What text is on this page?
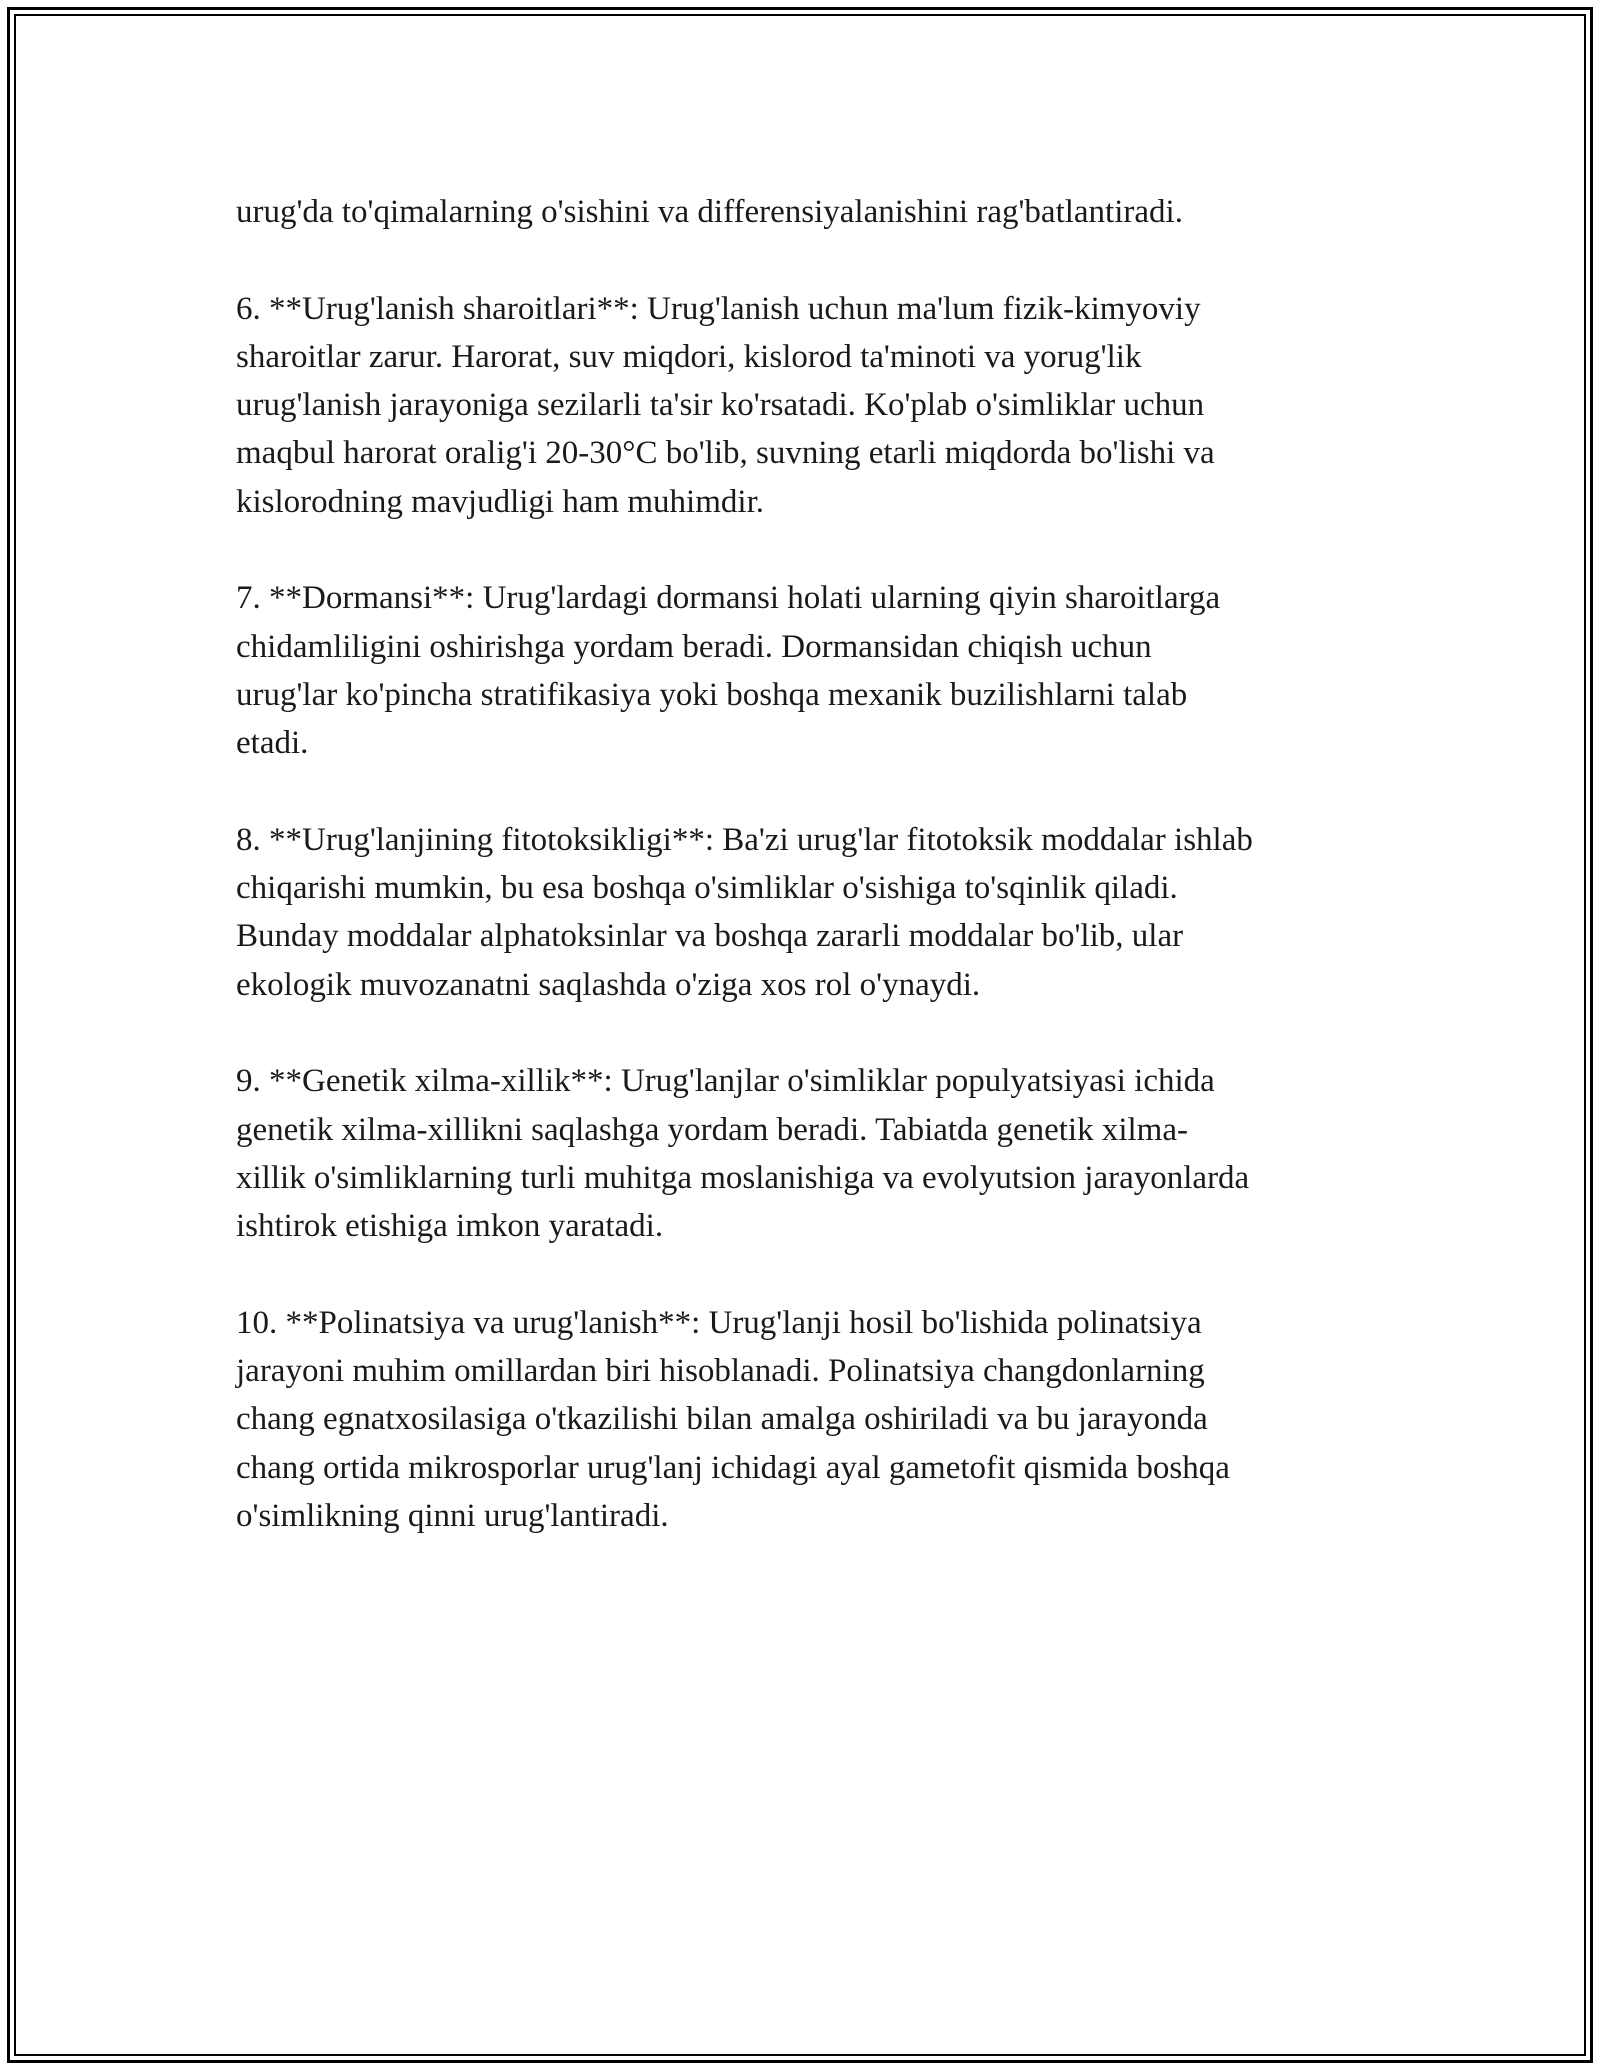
urug'da to'qimalarning o'sishini va differensiyalanishini rag'batlantiradi.

6. **Urug'lanish sharoitlari**: Urug'lanish uchun ma'lum fizik-kimyoviy
sharoitlar zarur. Harorat, suv miqdori, kislorod ta'minoti va yorug'lik
urug'lanish jarayoniga sezilarli ta'sir ko'rsatadi. Ko'plab o'simliklar uchun
maqbul harorat oralig'i 20-30°C bo'lib, suvning etarli miqdorda bo'lishi va
kislorodning mavjudligi ham muhimdir.

7. **Dormansi**: Urug'lardagi dormansi holati ularning qiyin sharoitlarga
chidamliligini oshirishga yordam beradi. Dormansidan chiqish uchun
urug'lar ko'pincha stratifikasiya yoki boshqa mexanik buzilishlarni talab
etadi.

8. **Urug'lanjining fitotoksikligi**: Ba'zi urug'lar fitotoksik moddalar ishlab
chiqarishi mumkin, bu esa boshqa o'simliklar o'sishiga to'sqinlik qiladi.
Bunday moddalar alphatoksinlar va boshqa zararli moddalar bo'lib, ular
ekologik muvozanatni saqlashda o'ziga xos rol o'ynaydi.

9. **Genetik xilma-xillik**: Urug'lanjlar o'simliklar populyatsiyasi ichida
genetik xilma-xillikni saqlashga yordam beradi. Tabiatda genetik xilma-
xillik o'simliklarning turli muhitga moslanishiga va evolyutsion jarayonlarda
ishtirok etishiga imkon yaratadi.

10. **Polinatsiya va urug'lanish**: Urug'lanji hosil bo'lishida polinatsiya
jarayoni muhim omillardan biri hisoblanadi. Polinatsiya changdonlarning
chang egnatxosilasiga o'tkazilishi bilan amalga oshiriladi va bu jarayonda
chang ortida mikrosporlar urug'lanj ichidagi ayal gametofit qismida boshqa
o'simlikning qinni urug'lantiradi.
